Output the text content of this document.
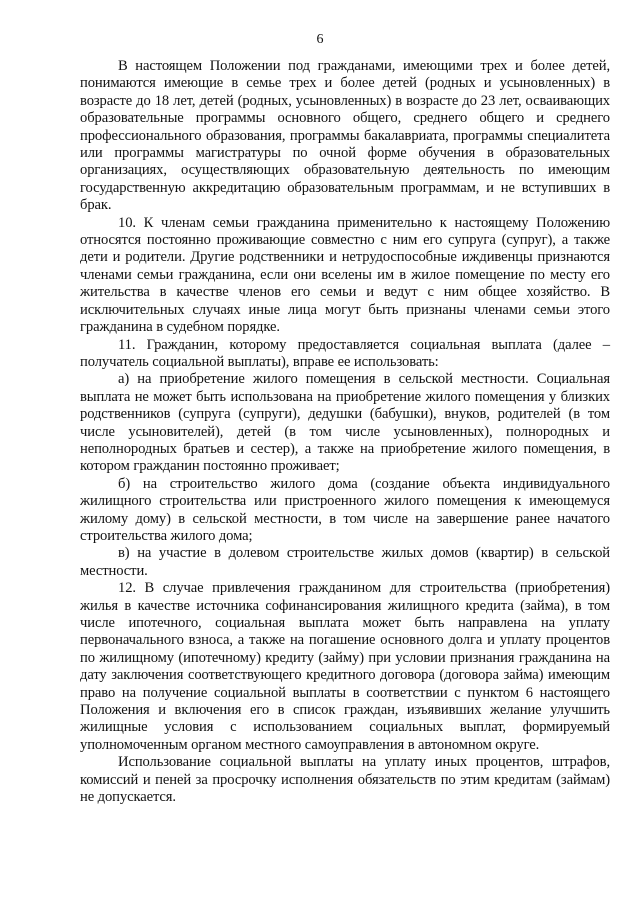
6

В настоящем Положении под гражданами, имеющими трех и более детей, понимаются имеющие в семье трех и более детей (родных и усыновленных) в возрасте до 18 лет, детей (родных, усыновленных) в возрасте до 23 лет, осваивающих образовательные программы основного общего, среднего общего и среднего профессионального образования, программы бакалавриата, программы специалитета или программы магистратуры по очной форме обучения в образовательных организациях, осуществляющих образовательную деятельность по имеющим государственную аккредитацию образовательным программам, и не вступивших в брак.

10. К членам семьи гражданина применительно к настоящему Положению относятся постоянно проживающие совместно с ним его супруга (супруг), а также дети и родители. Другие родственники и нетрудоспособные иждивенцы признаются членами семьи гражданина, если они вселены им в жилое помещение по месту его жительства в качестве членов его семьи и ведут с ним общее хозяйство. В исключительных случаях иные лица могут быть признаны членами семьи этого гражданина в судебном порядке.

11. Гражданин, которому предоставляется социальная выплата (далее – получатель социальной выплаты), вправе ее использовать:

а) на приобретение жилого помещения в сельской местности. Социальная выплата не может быть использована на приобретение жилого помещения у близких родственников (супруга (супруги), дедушки (бабушки), внуков, родителей (в том числе усыновителей), детей (в том числе усыновленных), полнородных и неполнородных братьев и сестер), а также на приобретение жилого помещения, в котором гражданин постоянно проживает;

б) на строительство жилого дома (создание объекта индивидуального жилищного строительства или пристроенного жилого помещения к имеющемуся жилому дому) в сельской местности, в том числе на завершение ранее начатого строительства жилого дома;

в) на участие в долевом строительстве жилых домов (квартир) в сельской местности.

12. В случае привлечения гражданином для строительства (приобретения) жилья в качестве источника софинансирования жилищного кредита (займа), в том числе ипотечного, социальная выплата может быть направлена на уплату первоначального взноса, а также на погашение основного долга и уплату процентов по жилищному (ипотечному) кредиту (займу) при условии признания гражданина на дату заключения соответствующего кредитного договора (договора займа) имеющим право на получение социальной выплаты в соответствии с пунктом 6 настоящего Положения и включения его в список граждан, изъявивших желание улучшить жилищные условия с использованием социальных выплат, формируемый уполномоченным органом местного самоуправления в автономном округе.

Использование социальной выплаты на уплату иных процентов, штрафов, комиссий и пеней за просрочку исполнения обязательств по этим кредитам (займам) не допускается.
